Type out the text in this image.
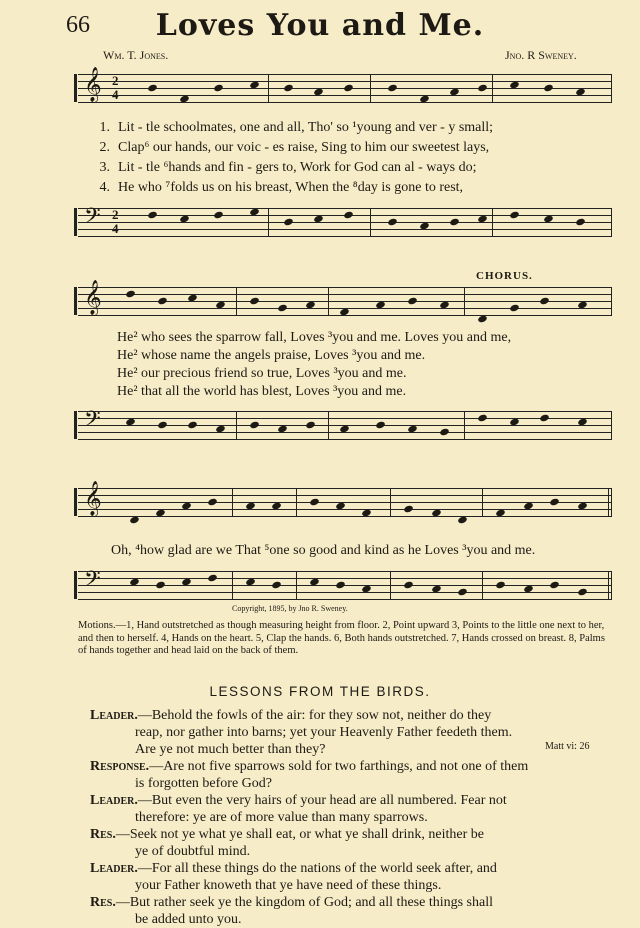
66	Loves You and Me.
Wm. T. Jones.	Jno. R Sweney.
𝄞 2
4
1. Lit - tle schoolmates, one and all, Tho' so ¹young and ver - y small;
2. Clap⁶ our hands, our voic - es raise, Sing to him our sweetest lays,
3. Lit - tle ⁶hands and fin - gers to, Work for God can al - ways do;
4. He who ⁷folds us on his breast, When the ⁸day is gone to rest,
𝄢 2
4
CHORUS.
𝄞
He² who sees the sparrow fall, Loves ³you and me. Loves you and me,
He² whose name the angels praise, Loves ³you and me.
He² our precious friend so true, Loves ³you and me.
He² that all the world has blest, Loves ³you and me.
𝄢
𝄞
Oh, ⁴how glad are we That ⁵one so good and kind as he Loves ³you and me.
𝄢
Copyright, 1895, by Jno R. Sweney.
Motions.—1, Hand outstretched as though measuring height from floor. 2, Point upward 3, Points to the little one next to her, and then to herself. 4, Hands on the heart. 5, Clap the hands. 6, Both hands outstretched. 7, Hands crossed on breast. 8, Palms of hands together and head laid on the back of them.
LESSONS FROM THE BIRDS.
Matt vi: 26
Leader.—Behold the fowls of the air: for they sow not, neither do they
reap, nor gather into barns; yet your Heavenly Father feedeth them.
Are ye not much better than they?
Response.—Are not five sparrows sold for two farthings, and not one of them
is forgotten before God?
Leader.—But even the very hairs of your head are all numbered. Fear not
therefore: ye are of more value than many sparrows.
Res.—Seek not ye what ye shall eat, or what ye shall drink, neither be
ye of doubtful mind.
Leader.—For all these things do the nations of the world seek after, and
your Father knoweth that ye have need of these things.
Res.—But rather seek ye the kingdom of God; and all these things shall
be added unto you.
